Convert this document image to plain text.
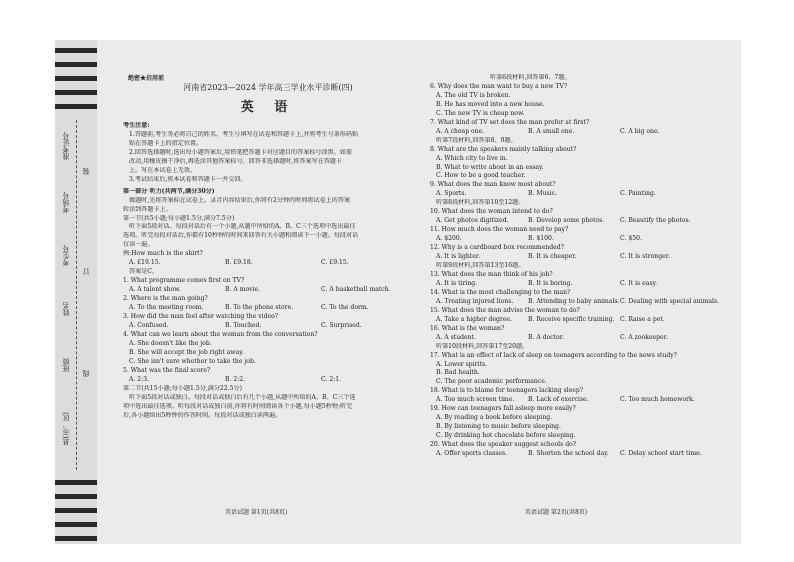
准考证号
考场号
考生号
姓名
班级
县(市、区)
装
订
线
绝密★启用前
河南省2023—2024 学年高三学业水平诊断(四)
英 语
考生注意:
1.答题前,考生务必将自己的姓名、考生号填写在试卷和答题卡上,并将考生号条形码粘
贴在答题卡上的指定位置。
2.回答选择题时,选出每小题答案后,用铅笔把答题卡对应题目的答案标号涂黑。如需
改动,用橡皮擦干净后,再选涂其他答案标号。回答非选择题时,将答案写在答题卡
上。写在本试卷上无效。
3.考试结束后,将本试卷和答题卡一并交回。
第一部分 听力(共两节,满分30分)
做题时,先将答案标在试卷上。录音内容结束后,你将有2分钟的时间将试卷上的答案
转涂到答题卡上。
第一节(共5小题;每小题1.5分,满分7.5分)
听下面5段对话。每段对话后有一个小题,从题中所给的A、B、C三个选项中选出最佳
选项。听完每段对话后,你都有10秒钟的时间来回答有关小题和阅读下一小题。每段对话
仅读一遍。
例:How much is the shirt?
A. £19.15.	B. £9.18.	C. £9.15.
答案是C。
1. What programme comes first on TV?
A. A talent show.	B. A movie.	C. A basketball match.
2. Where is the man going?
A. To the meeting room.	B. To the phone store.	C. To the dorm.
3. How did the man feel after watching the video?
A. Confused.	B. Touched.	C. Surprised.
4. What can we learn about the woman from the conversation?
A. She doesn't like the job.
B. She will accept the job right away.
C. She isn't sure whether to take the job.
5. What was the final score?
A. 2:3.	B. 2:2.	C. 2:1.
第二节(共15小题;每小题1.5分,满分22.5分)
听下面5段对话或独白。每段对话或独白后有几个小题,从题中所给的A、B、C三个选
项中选出最佳选项。听每段对话或独白前,你将有时间阅读各个小题,每小题5秒钟;听完
后,各小题给出5秒钟的作答时间。每段对话或独白读两遍。
英语试题 第1页(共8页)
听第6段材料,回答第6、7题。
6. Why does the man want to buy a new TV?
A. The old TV is broken.
B. He has moved into a new house.
C. The new TV is cheap now.
7. What kind of TV set does the man prefer at first?
A. A cheap one.	B. A small one.	C. A big one.
听第7段材料,回答第8、9题。
8. What are the speakers mainly talking about?
A. Which city to live in.
B. What to write about in an essay.
C. How to be a good teacher.
9. What does the man know most about?
A. Sports.	B. Music.	C. Painting.
听第8段材料,回答第10至12题。
10. What does the woman intend to do?
A. Get photos digitized.	B. Develop some photos.	C. Beautify the photos.
11. How much does the woman need to pay?
A. $200.	B. $100.	C. $50.
12. Why is a cardboard box recommended?
A. It is lighter.	B. It is cheaper.	C. It is stronger.
听第9段材料,回答第13至16题。
13. What does the man think of his job?
A. It is tiring.	B. It is boring.	C. It is easy.
14. What is the most challenging to the man?
A. Treating injured lions.	B. Attending to baby animals. C. Dealing with special animals.
15. What does the man advise the woman to do?
A. Take a higher degree.	B. Receive specific training. C. Raise a pet.
16. What is the woman?
A. A student.	B. A doctor.	C. A zookeeper.
听第10段材料,回答第17至20题。
17. What is an effect of lack of sleep on teenagers according to the news study?
A. Lower spirits.
B. Bad health.
C. The poor academic performance.
18. What is to blame for teenagers lacking sleep?
A. Too much screen time.	B. Lack of exercise.	C. Too much homework.
19. How can teenagers fall asleep more easily?
A. By reading a book before sleeping.
B. By listening to music before sleeping.
C. By drinking hot chocolate before sleeping.
20. What does the speaker suggest schools do?
A. Offer sports classes.	B. Shorten the school day.	C. Delay school start time.
英语试题 第2页(共8页)
